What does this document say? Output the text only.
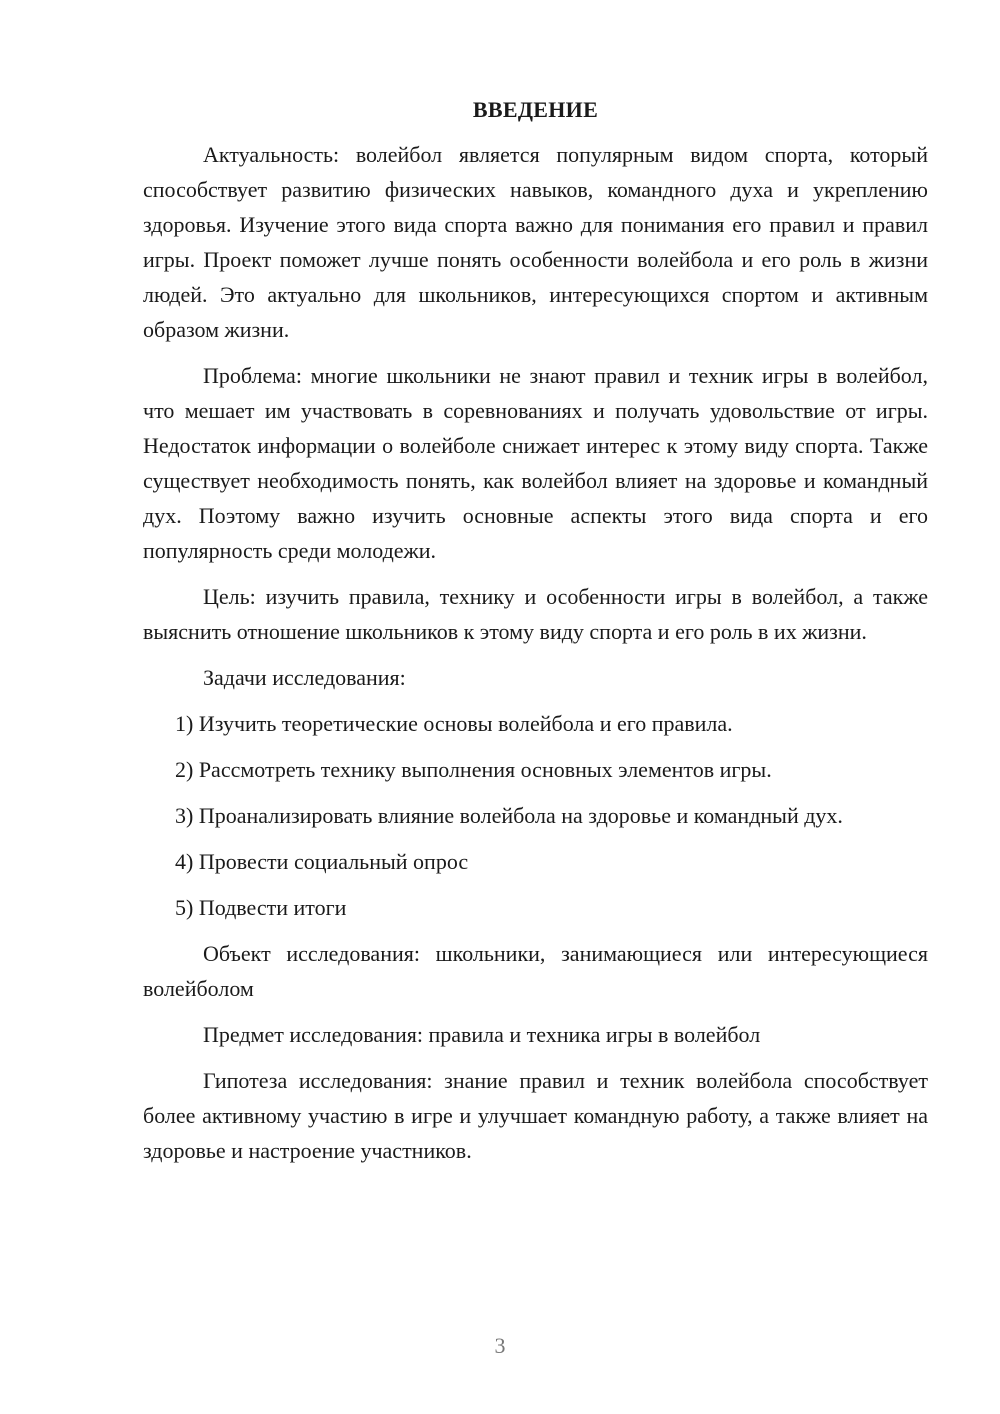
ВВЕДЕНИЕ

Актуальность: волейбол является популярным видом спорта, который способствует развитию физических навыков, командного духа и укреплению здоровья. Изучение этого вида спорта важно для понимания его правил и правил игры. Проект поможет лучше понять особенности волейбола и его роль в жизни людей. Это актуально для школьников, интересующихся спортом и активным образом жизни.

Проблема: многие школьники не знают правил и техник игры в волейбол, что мешает им участвовать в соревнованиях и получать удовольствие от игры. Недостаток информации о волейболе снижает интерес к этому виду спорта. Также существует необходимость понять, как волейбол влияет на здоровье и командный дух. Поэтому важно изучить основные аспекты этого вида спорта и его популярность среди молодежи.

Цель: изучить правила, технику и особенности игры в волейбол, а также выяснить отношение школьников к этому виду спорта и его роль в их жизни.

Задачи исследования:

1) Изучить теоретические основы волейбола и его правила.

2) Рассмотреть технику выполнения основных элементов игры.

3) Проанализировать влияние волейбола на здоровье и командный дух.

4) Провести социальный опрос

5) Подвести итоги

Объект исследования: школьники, занимающиеся или интересующиеся волейболом

Предмет исследования: правила и техника игры в волейбол

Гипотеза исследования: знание правил и техник волейбола способствует более активному участию в игре и улучшает командную работу, а также влияет на здоровье и настроение участников.

3
